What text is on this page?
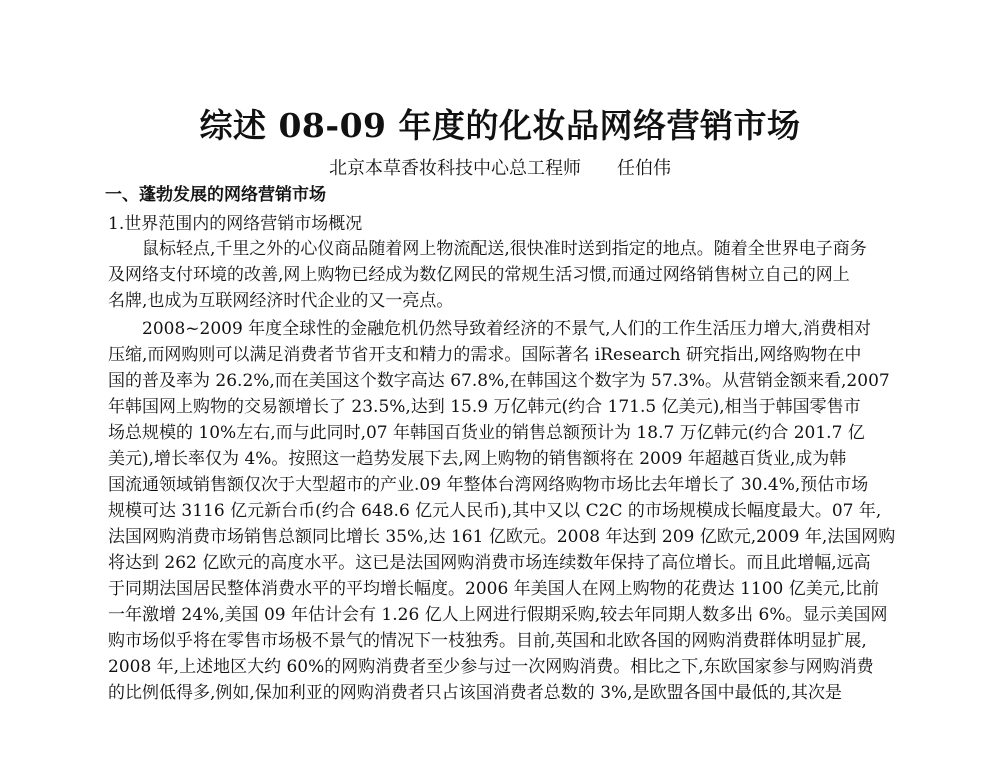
综述 08-09 年度的化妆品网络营销市场
北京本草香妆科技中心总工程师 任伯伟
一、蓬勃发展的网络营销市场
1.世界范围内的网络营销市场概况
鼠标轻点,千里之外的心仪商品随着网上物流配送,很快准时送到指定的地点。随着全世界电子商务
及网络支付环境的改善,网上购物已经成为数亿网民的常规生活习惯,而通过网络销售树立自己的网上
名牌,也成为互联网经济时代企业的又一亮点。
2008~2009 年度全球性的金融危机仍然导致着经济的不景气,人们的工作生活压力增大,消费相对
压缩,而网购则可以满足消费者节省开支和精力的需求。国际著名 iResearch 研究指出,网络购物在中
国的普及率为 26.2%,而在美国这个数字高达 67.8%,在韩国这个数字为 57.3%。从营销金额来看,2007
年韩国网上购物的交易额增长了 23.5%,达到 15.9 万亿韩元(约合 171.5 亿美元),相当于韩国零售市
场总规模的 10%左右,而与此同时,07 年韩国百货业的销售总额预计为 18.7 万亿韩元(约合 201.7 亿
美元),增长率仅为 4%。按照这一趋势发展下去,网上购物的销售额将在 2009 年超越百货业,成为韩
国流通领域销售额仅次于大型超市的产业.09 年整体台湾网络购物市场比去年增长了 30.4%,预估市场
规模可达 3116 亿元新台币(约合 648.6 亿元人民币),其中又以 C2C 的市场规模成长幅度最大。07 年,
法国网购消费市场销售总额同比增长 35%,达 161 亿欧元。2008 年达到 209 亿欧元,2009 年,法国网购
将达到 262 亿欧元的高度水平。这已是法国网购消费市场连续数年保持了高位增长。而且此增幅,远高
于同期法国居民整体消费水平的平均增长幅度。2006 年美国人在网上购物的花费达 1100 亿美元,比前
一年激增 24%,美国 09 年估计会有 1.26 亿人上网进行假期采购,较去年同期人数多出 6%。显示美国网
购市场似乎将在零售市场极不景气的情况下一枝独秀。目前,英国和北欧各国的网购消费群体明显扩展,
2008 年,上述地区大约 60%的网购消费者至少参与过一次网购消费。相比之下,东欧国家参与网购消费
的比例低得多,例如,保加利亚的网购消费者只占该国消费者总数的 3%,是欧盟各国中最低的,其次是
